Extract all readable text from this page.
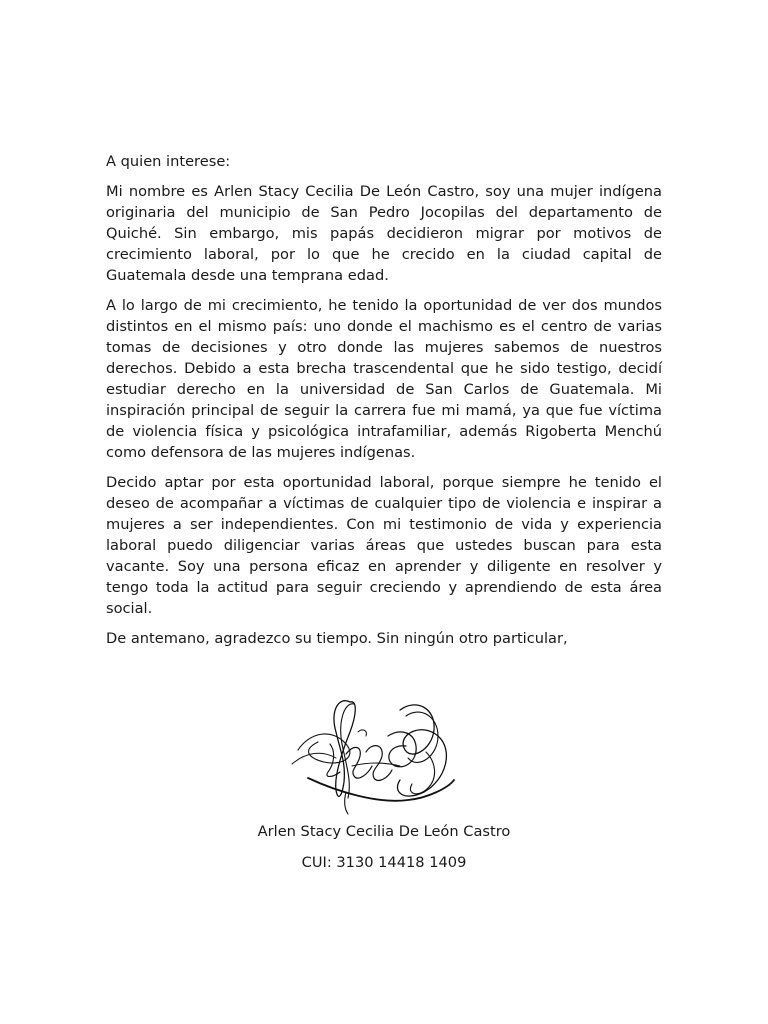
A quien interese:

Mi nombre es Arlen Stacy Cecilia De León Castro, soy una mujer indígena originaria del municipio de San Pedro Jocopilas del departamento de Quiché. Sin embargo, mis papás decidieron migrar por motivos de crecimiento laboral, por lo que he crecido en la ciudad capital de Guatemala desde una temprana edad.

A lo largo de mi crecimiento, he tenido la oportunidad de ver dos mundos distintos en el mismo país: uno donde el machismo es el centro de varias tomas de decisiones y otro donde las mujeres sabemos de nuestros derechos. Debido a esta brecha trascendental que he sido testigo, decidí estudiar derecho en la universidad de San Carlos de Guatemala. Mi inspiración principal de seguir la carrera fue mi mamá, ya que fue víctima de violencia física y psicológica intrafamiliar, además Rigoberta Menchú como defensora de las mujeres indígenas.

Decido aptar por esta oportunidad laboral, porque siempre he tenido el deseo de acompañar a víctimas de cualquier tipo de violencia e inspirar a mujeres a ser independientes. Con mi testimonio de vida y experiencia laboral puedo diligenciar varias áreas que ustedes buscan para esta vacante. Soy una persona eficaz en aprender y diligente en resolver y tengo toda la actitud para seguir creciendo y aprendiendo de esta área social.

De antemano, agradezco su tiempo. Sin ningún otro particular,

Arlen Stacy Cecilia De León Castro
CUI: 3130 14418 1409
